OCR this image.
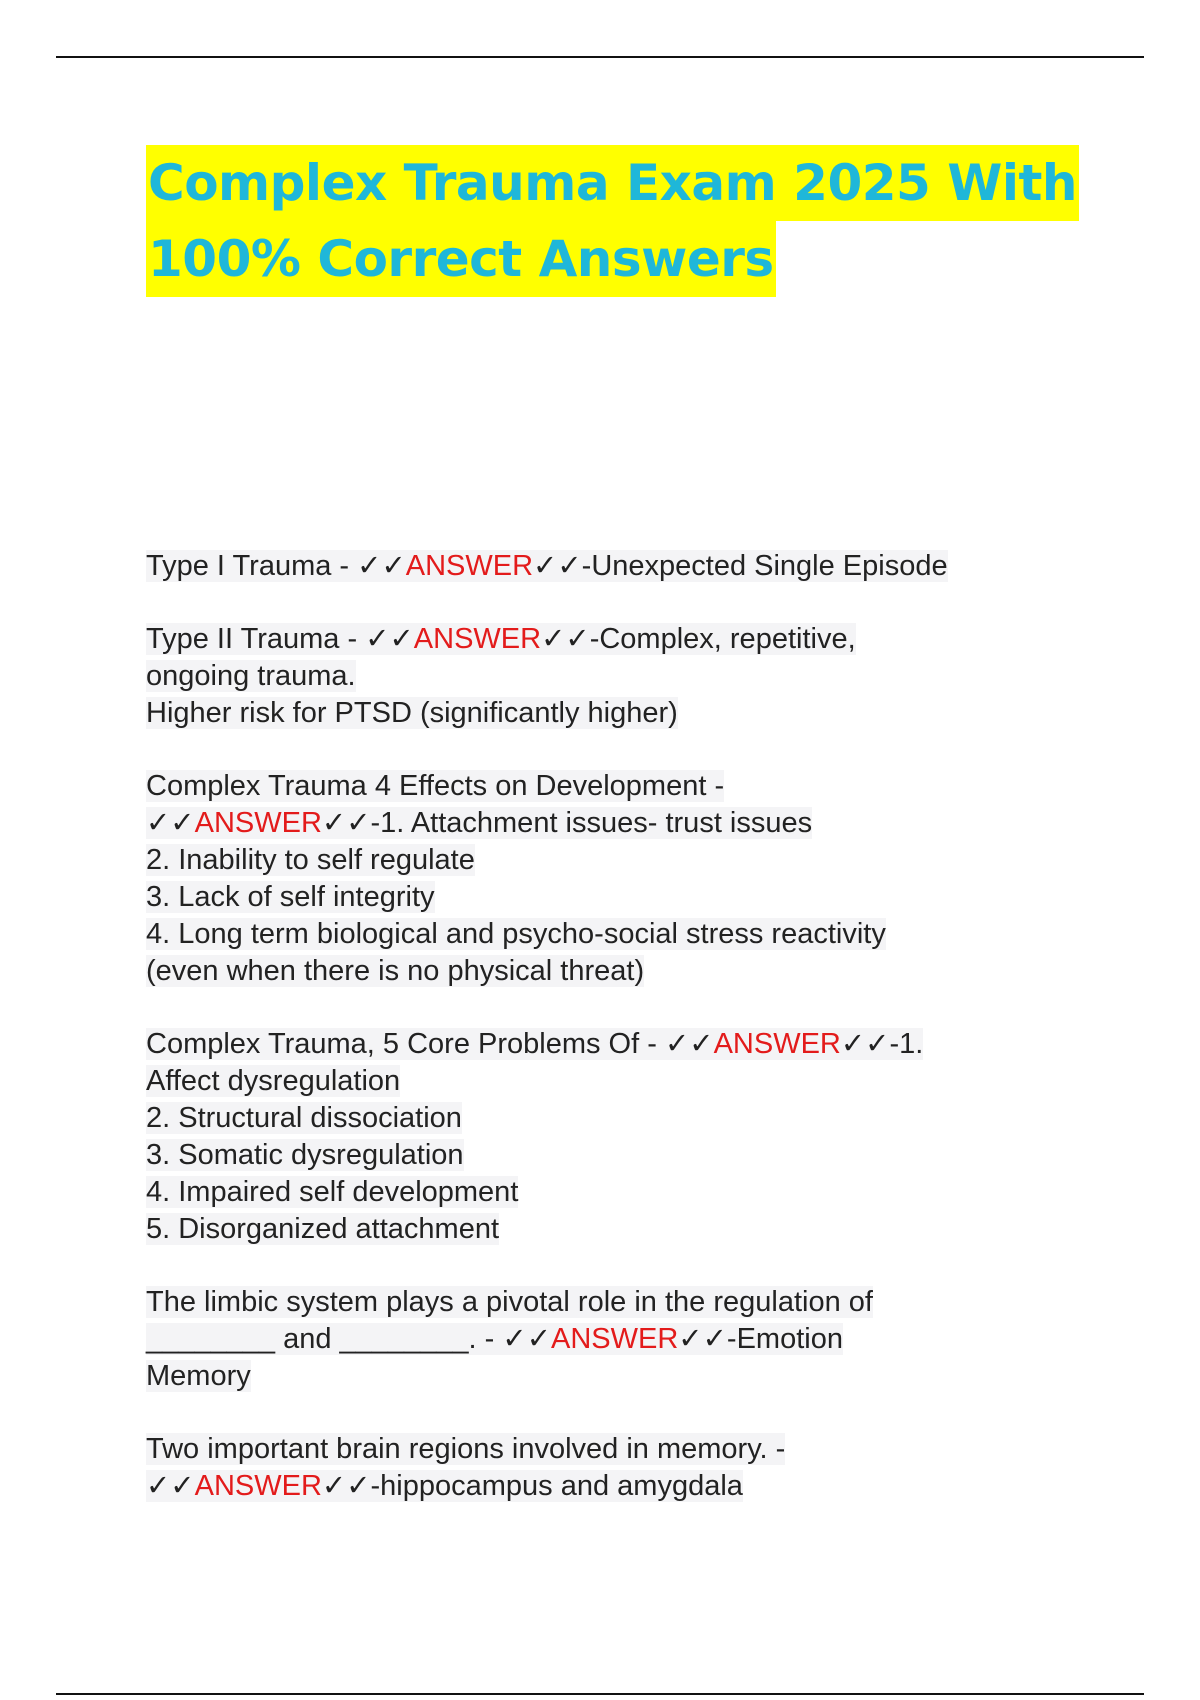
Complex Trauma Exam 2025 With
100% Correct Answers
Type I Trauma - ✓✓ANSWER✓✓-Unexpected Single Episode
Type II Trauma - ✓✓ANSWER✓✓-Complex, repetitive,
ongoing trauma.
Higher risk for PTSD (significantly higher)
Complex Trauma 4 Effects on Development -
✓✓ANSWER✓✓-1. Attachment issues- trust issues
2. Inability to self regulate
3. Lack of self integrity
4. Long term biological and psycho-social stress reactivity
(even when there is no physical threat)
Complex Trauma, 5 Core Problems Of - ✓✓ANSWER✓✓-1.
Affect dysregulation
2. Structural dissociation
3. Somatic dysregulation
4. Impaired self development
5. Disorganized attachment
The limbic system plays a pivotal role in the regulation of
________ and ________. - ✓✓ANSWER✓✓-Emotion
Memory
Two important brain regions involved in memory. -
✓✓ANSWER✓✓-hippocampus and amygdala
